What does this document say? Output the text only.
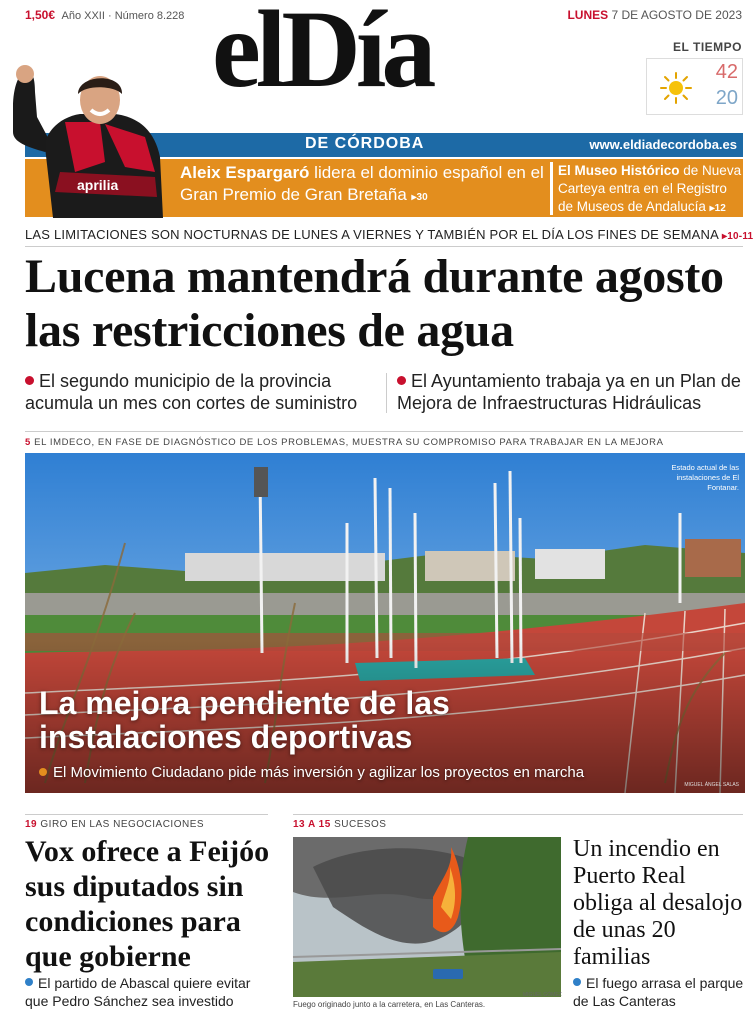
1,50€ Año XXII · Número 8.228	LUNES 7 DE AGOSTO DE 2023
elDía	EL TIEMPO
42
20
DE CÓRDOBA	www.eldiadecordoba.es
Aleix Espargaró lidera el dominio español en el Gran Premio de Gran Bretaña ▸30
El Museo Histórico de Nueva Carteya entra en el Registro de Museos de Andalucía ▸12
aprilia
LAS LIMITACIONES SON NOCTURNAS DE LUNES A VIERNES Y TAMBIÉN POR EL DÍA LOS FINES DE SEMANA ▸10-11
Lucena mantendrá durante agosto las restricciones de agua
El segundo municipio de la provincia acumula un mes con cortes de suministro
El Ayuntamiento trabaja ya en un Plan de Mejora de Infraestructuras Hidráulicas
5 EL IMDECO, EN FASE DE DIAGNÓSTICO DE LOS PROBLEMAS, MUESTRA SU COMPROMISO PARA TRABAJAR EN LA MEJORA
Estado actual de las instalaciones de El Fontanar.
La mejora pendiente de las instalaciones deportivas
El Movimiento Ciudadano pide más inversión y agilizar los proyectos en marcha
MIGUEL ÁNGEL SALAS
19 GIRO EN LAS NEGOCIACIONES
Vox ofrece a Feijóo sus diputados sin condiciones para que gobierne
El partido de Abascal quiere evitar que Pedro Sánchez sea investido
13 A 15 SUCESOS
MIGUEL GÓMEZ
Fuego originado junto a la carretera, en Las Canteras.
Un incendio en Puerto Real obliga al desalojo de unas 20 familias
El fuego arrasa el parque de Las Canteras
